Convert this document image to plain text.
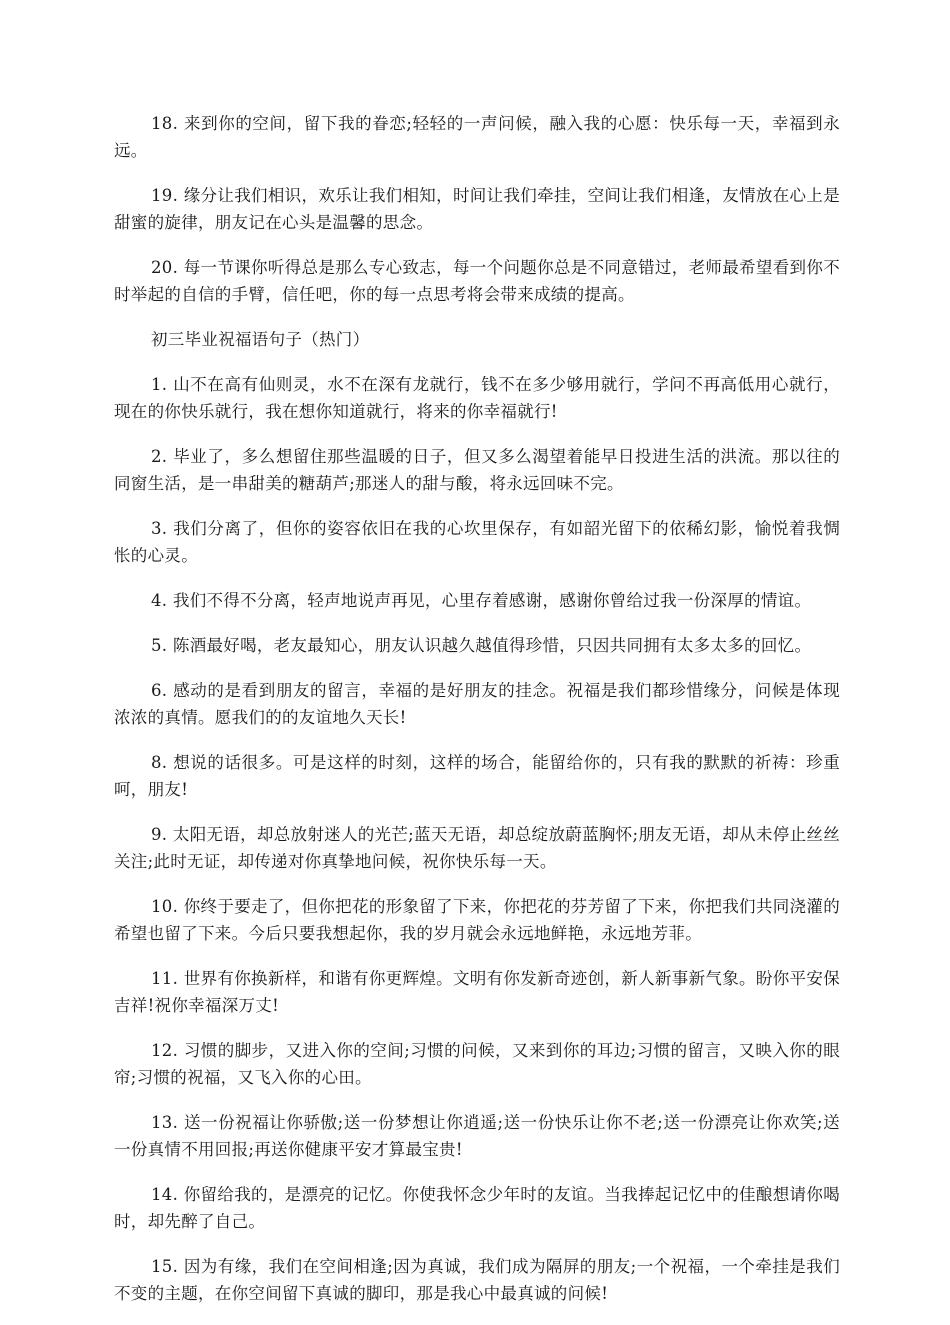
18. 来到你的空间，留下我的眷恋;轻轻的一声问候，融入我的心愿：快乐每一天，幸福到永远。

19. 缘分让我们相识，欢乐让我们相知，时间让我们牵挂，空间让我们相逢，友情放在心上是甜蜜的旋律，朋友记在心头是温馨的思念。

20. 每一节课你听得总是那么专心致志，每一个问题你总是不同意错过，老师最希望看到你不时举起的自信的手臂，信任吧，你的每一点思考将会带来成绩的提高。

初三毕业祝福语句子（热门）

1. 山不在高有仙则灵，水不在深有龙就行，钱不在多少够用就行，学问不再高低用心就行，现在的你快乐就行，我在想你知道就行，将来的你幸福就行!

2. 毕业了，多么想留住那些温暖的日子，但又多么渴望着能早日投进生活的洪流。那以往的同窗生活，是一串甜美的糖葫芦;那迷人的甜与酸，将永远回味不完。

3. 我们分离了，但你的姿容依旧在我的心坎里保存，有如韶光留下的依稀幻影，愉悦着我惆怅的心灵。

4. 我们不得不分离，轻声地说声再见，心里存着感谢，感谢你曾给过我一份深厚的情谊。

5. 陈酒最好喝，老友最知心，朋友认识越久越值得珍惜，只因共同拥有太多太多的回忆。

6. 感动的是看到朋友的留言，幸福的是好朋友的挂念。祝福是我们都珍惜缘分，问候是体现浓浓的真情。愿我们的的友谊地久天长!

8. 想说的话很多。可是这样的时刻，这样的场合，能留给你的，只有我的默默的祈祷：珍重呵，朋友!

9. 太阳无语，却总放射迷人的光芒;蓝天无语，却总绽放蔚蓝胸怀;朋友无语，却从未停止丝丝关注;此时无证，却传递对你真挚地问候，祝你快乐每一天。

10. 你终于要走了，但你把花的形象留了下来，你把花的芬芳留了下来，你把我们共同浇灌的希望也留了下来。今后只要我想起你，我的岁月就会永远地鲜艳，永远地芳菲。

11. 世界有你换新样，和谐有你更辉煌。文明有你发新奇迹创，新人新事新气象。盼你平安保吉祥!祝你幸福深万丈!

12. 习惯的脚步，又进入你的空间;习惯的问候，又来到你的耳边;习惯的留言，又映入你的眼帘;习惯的祝福，又飞入你的心田。

13. 送一份祝福让你骄傲;送一份梦想让你逍遥;送一份快乐让你不老;送一份漂亮让你欢笑;送一份真情不用回报;再送你健康平安才算最宝贵!

14. 你留给我的，是漂亮的记忆。你使我怀念少年时的友谊。当我捧起记忆中的佳酿想请你喝时，却先醉了自己。

15. 因为有缘，我们在空间相逢;因为真诚，我们成为隔屏的朋友;一个祝福，一个牵挂是我们不变的主题，在你空间留下真诚的脚印，那是我心中最真诚的问候!
